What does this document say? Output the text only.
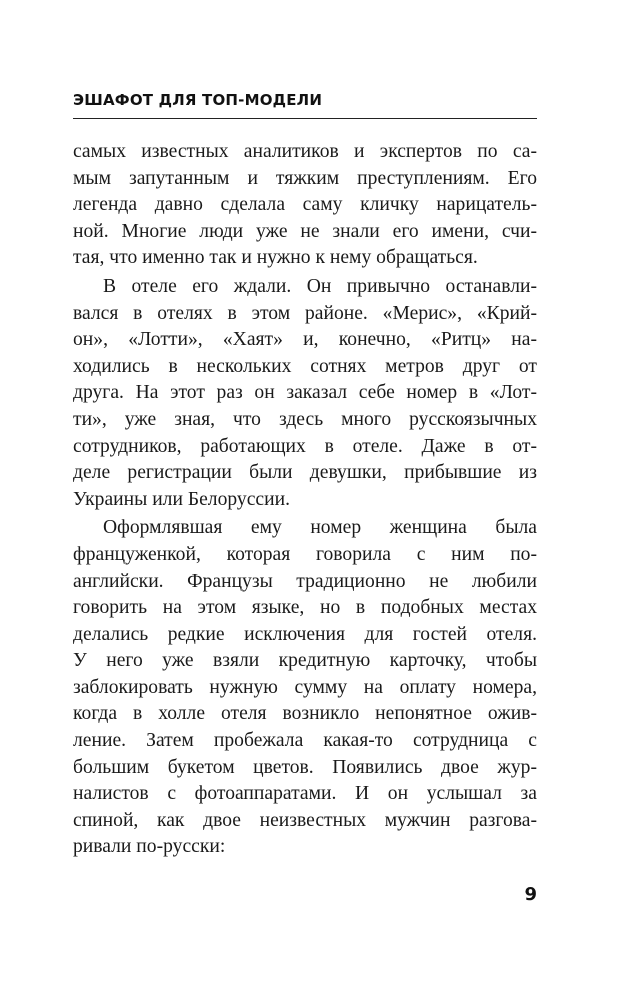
ЭШАФОТ ДЛЯ ТОП-МОДЕЛИ
самых известных аналитиков и экспертов по са-
мым запутанным и тяжким преступлениям. Его
легенда давно сделала саму кличку нарицатель-
ной. Многие люди уже не знали его имени, счи-
тая, что именно так и нужно к нему обращаться.
В отеле его ждали. Он привычно останавли-
вался в отелях в этом районе. «Мерис», «Крий-
он», «Лотти», «Хаят» и, конечно, «Ритц» на-
ходились в нескольких сотнях метров друг от
друга. На этот раз он заказал себе номер в «Лот-
ти», уже зная, что здесь много русскоязычных
сотрудников, работающих в отеле. Даже в от-
деле регистрации были девушки, прибывшие из
Украины или Белоруссии.
Оформлявшая ему номер женщина была
француженкой, которая говорила с ним по-
английски. Французы традиционно не любили
говорить на этом языке, но в подобных местах
делались редкие исключения для гостей отеля.
У него уже взяли кредитную карточку, чтобы
заблокировать нужную сумму на оплату номера,
когда в холле отеля возникло непонятное ожив-
ление. Затем пробежала какая-то сотрудница с
большим букетом цветов. Появились двое жур-
налистов с фотоаппаратами. И он услышал за
спиной, как двое неизвестных мужчин разгова-
ривали по-русски:
9
